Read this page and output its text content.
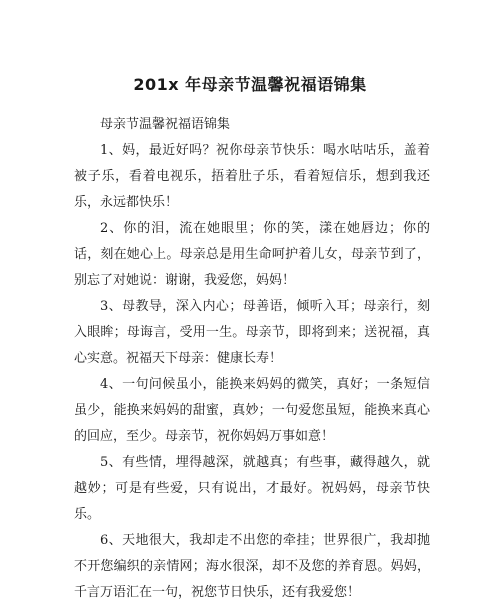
201x 年母亲节温馨祝福语锦集

母亲节温馨祝福语锦集

1、妈，最近好吗？祝你母亲节快乐：喝水咕咕乐，盖着被子乐，看着电视乐，捂着肚子乐，看着短信乐，想到我还乐，永远都快乐！

2、你的泪，流在她眼里；你的笑，漾在她唇边；你的话，刻在她心上。母亲总是用生命呵护着儿女，母亲节到了，别忘了对她说：谢谢，我爱您，妈妈！

3、母教导，深入内心；母善语，倾听入耳；母亲行，刻入眼眸；母诲言，受用一生。母亲节，即将到来；送祝福，真心实意。祝福天下母亲：健康长寿！

4、一句问候虽小，能换来妈妈的微笑，真好；一条短信虽少，能换来妈妈的甜蜜，真妙；一句爱您虽短，能换来真心的回应，至少。母亲节，祝你妈妈万事如意！

5、有些情，埋得越深，就越真；有些事，藏得越久，就越妙；可是有些爱，只有说出，才最好。祝妈妈，母亲节快乐。

6、天地很大，我却走不出您的牵挂；世界很广，我却抛不开您编织的亲情网；海水很深，却不及您的养育恩。妈妈，千言万语汇在一句，祝您节日快乐，还有我爱您！
